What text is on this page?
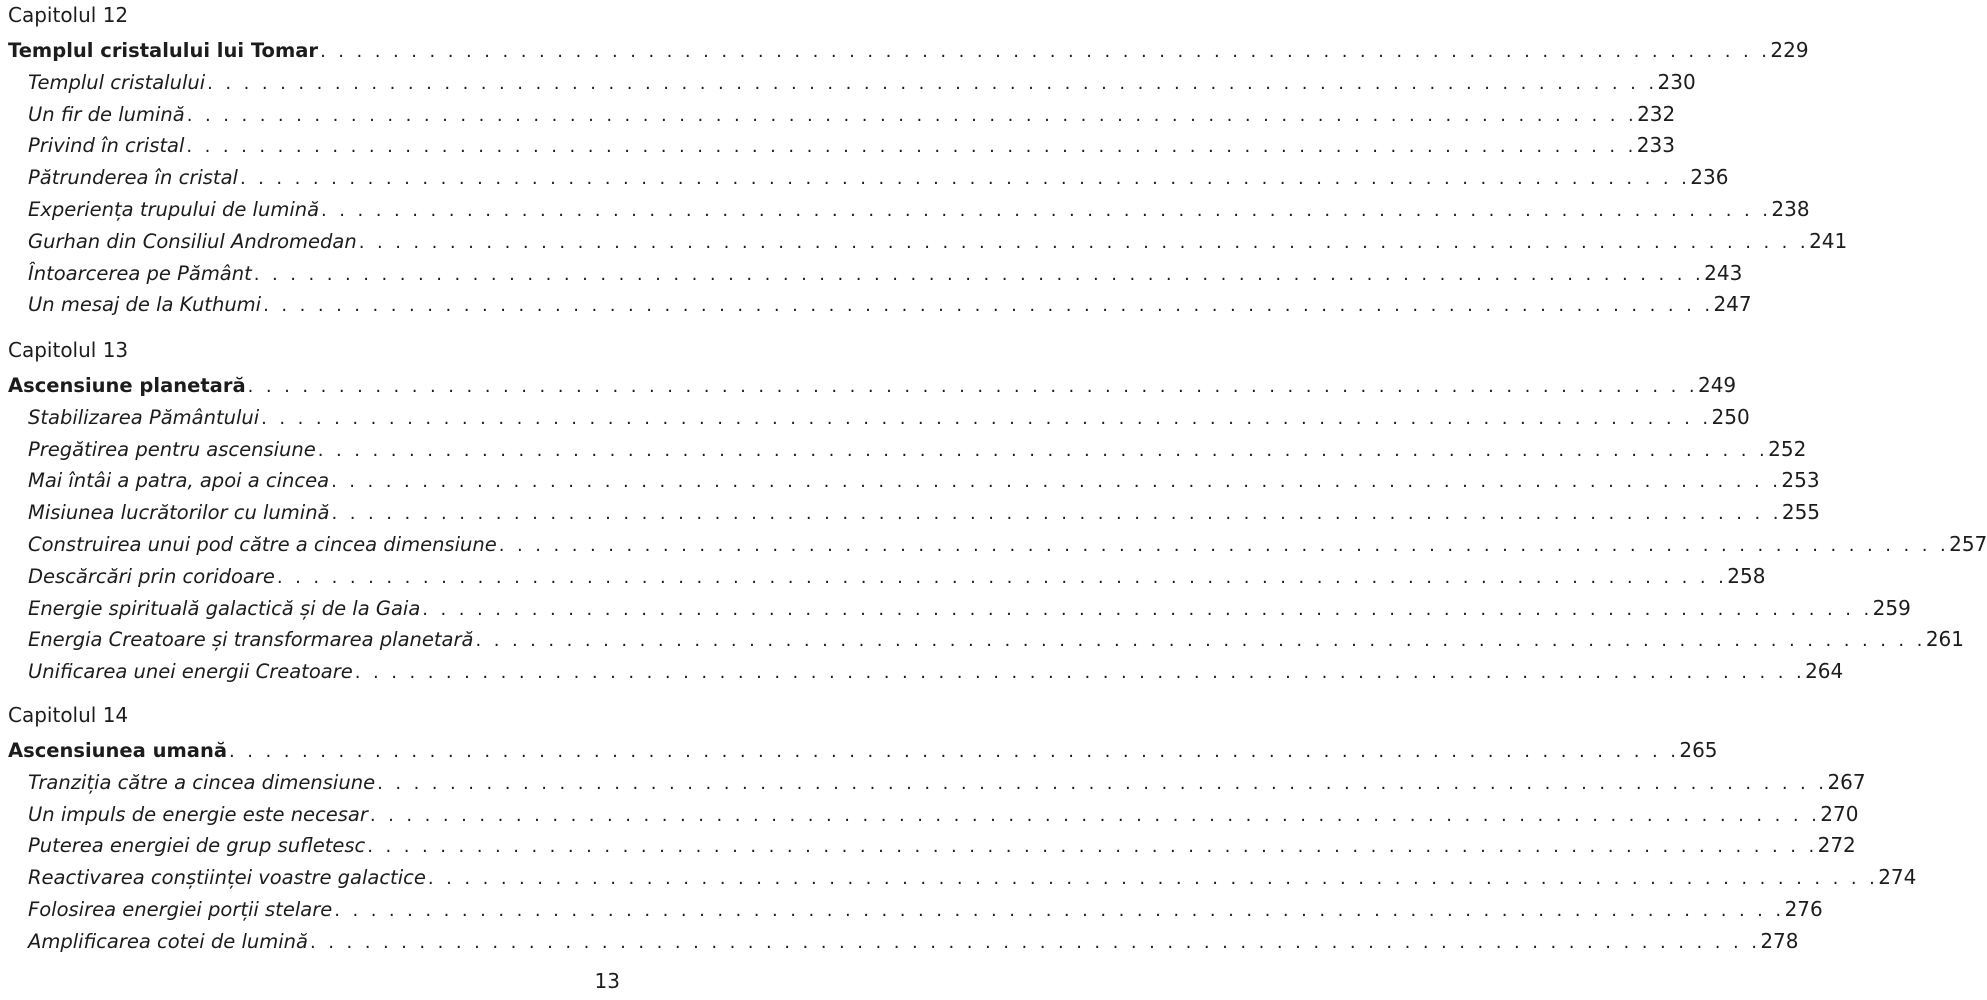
Capitolul 12
Templul cristalului lui Tomar . . . . . . . . . . . . . . . . . . . . . . . . . . . . . . . . . . . . . . . . . . . . . . . . . . . . . . . . . . . . . . . . . . . . . . . . . . . . . . . . 229
Templul cristalului . . . . . . . . . . . . . . . . . . . . . . . . . . . . . . . . . . . . . . . . . . . . . . . . . . . . . . . . . . . . . . . . . . . . . . . . . . . . . . . . 230
Un fir de lumină . . . . . . . . . . . . . . . . . . . . . . . . . . . . . . . . . . . . . . . . . . . . . . . . . . . . . . . . . . . . . . . . . . . . . . . . . . . . . . . . 232
Privind în cristal . . . . . . . . . . . . . . . . . . . . . . . . . . . . . . . . . . . . . . . . . . . . . . . . . . . . . . . . . . . . . . . . . . . . . . . . . . . . . . . . 233
Pătrunderea în cristal . . . . . . . . . . . . . . . . . . . . . . . . . . . . . . . . . . . . . . . . . . . . . . . . . . . . . . . . . . . . . . . . . . . . . . . . . . . . . . . . 236
Experiența trupului de lumină . . . . . . . . . . . . . . . . . . . . . . . . . . . . . . . . . . . . . . . . . . . . . . . . . . . . . . . . . . . . . . . . . . . . . . . . . . . . . . . . 238
Gurhan din Consiliul Andromedan . . . . . . . . . . . . . . . . . . . . . . . . . . . . . . . . . . . . . . . . . . . . . . . . . . . . . . . . . . . . . . . . . . . . . . . . . . . . . . . . 241
Întoarcerea pe Pământ . . . . . . . . . . . . . . . . . . . . . . . . . . . . . . . . . . . . . . . . . . . . . . . . . . . . . . . . . . . . . . . . . . . . . . . . . . . . . . . . 243
Un mesaj de la Kuthumi . . . . . . . . . . . . . . . . . . . . . . . . . . . . . . . . . . . . . . . . . . . . . . . . . . . . . . . . . . . . . . . . . . . . . . . . . . . . . . . . 247
Capitolul 13
Ascensiune planetară . . . . . . . . . . . . . . . . . . . . . . . . . . . . . . . . . . . . . . . . . . . . . . . . . . . . . . . . . . . . . . . . . . . . . . . . . . . . . . . . 249
Stabilizarea Pământului . . . . . . . . . . . . . . . . . . . . . . . . . . . . . . . . . . . . . . . . . . . . . . . . . . . . . . . . . . . . . . . . . . . . . . . . . . . . . . . . 250
Pregătirea pentru ascensiune . . . . . . . . . . . . . . . . . . . . . . . . . . . . . . . . . . . . . . . . . . . . . . . . . . . . . . . . . . . . . . . . . . . . . . . . . . . . . . . . 252
Mai întâi a patra, apoi a cincea . . . . . . . . . . . . . . . . . . . . . . . . . . . . . . . . . . . . . . . . . . . . . . . . . . . . . . . . . . . . . . . . . . . . . . . . . . . . . . . . 253
Misiunea lucrătorilor cu lumină . . . . . . . . . . . . . . . . . . . . . . . . . . . . . . . . . . . . . . . . . . . . . . . . . . . . . . . . . . . . . . . . . . . . . . . . . . . . . . . . 255
Construirea unui pod către a cincea dimensiune . . . . . . . . . . . . . . . . . . . . . . . . . . . . . . . . . . . . . . . . . . . . . . . . . . . . . . . . . . . . . . . . . . . . . . . . . . . . . . . . 257
Descărcări prin coridoare . . . . . . . . . . . . . . . . . . . . . . . . . . . . . . . . . . . . . . . . . . . . . . . . . . . . . . . . . . . . . . . . . . . . . . . . . . . . . . . . 258
Energie spirituală galactică și de la Gaia . . . . . . . . . . . . . . . . . . . . . . . . . . . . . . . . . . . . . . . . . . . . . . . . . . . . . . . . . . . . . . . . . . . . . . . . . . . . . . . . 259
Energia Creatoare și transformarea planetară . . . . . . . . . . . . . . . . . . . . . . . . . . . . . . . . . . . . . . . . . . . . . . . . . . . . . . . . . . . . . . . . . . . . . . . . . . . . . . . . 261
Unificarea unei energii Creatoare . . . . . . . . . . . . . . . . . . . . . . . . . . . . . . . . . . . . . . . . . . . . . . . . . . . . . . . . . . . . . . . . . . . . . . . . . . . . . . . . 264
Capitolul 14
Ascensiunea umană . . . . . . . . . . . . . . . . . . . . . . . . . . . . . . . . . . . . . . . . . . . . . . . . . . . . . . . . . . . . . . . . . . . . . . . . . . . . . . . . 265
Tranziția către a cincea dimensiune . . . . . . . . . . . . . . . . . . . . . . . . . . . . . . . . . . . . . . . . . . . . . . . . . . . . . . . . . . . . . . . . . . . . . . . . . . . . . . . . 267
Un impuls de energie este necesar . . . . . . . . . . . . . . . . . . . . . . . . . . . . . . . . . . . . . . . . . . . . . . . . . . . . . . . . . . . . . . . . . . . . . . . . . . . . . . . . 270
Puterea energiei de grup sufletesc . . . . . . . . . . . . . . . . . . . . . . . . . . . . . . . . . . . . . . . . . . . . . . . . . . . . . . . . . . . . . . . . . . . . . . . . . . . . . . . . 272
Reactivarea conștiinței voastre galactice . . . . . . . . . . . . . . . . . . . . . . . . . . . . . . . . . . . . . . . . . . . . . . . . . . . . . . . . . . . . . . . . . . . . . . . . . . . . . . . . 274
Folosirea energiei porții stelare . . . . . . . . . . . . . . . . . . . . . . . . . . . . . . . . . . . . . . . . . . . . . . . . . . . . . . . . . . . . . . . . . . . . . . . . . . . . . . . . 276
Amplificarea cotei de lumină . . . . . . . . . . . . . . . . . . . . . . . . . . . . . . . . . . . . . . . . . . . . . . . . . . . . . . . . . . . . . . . . . . . . . . . . . . . . . . . . 278
13
